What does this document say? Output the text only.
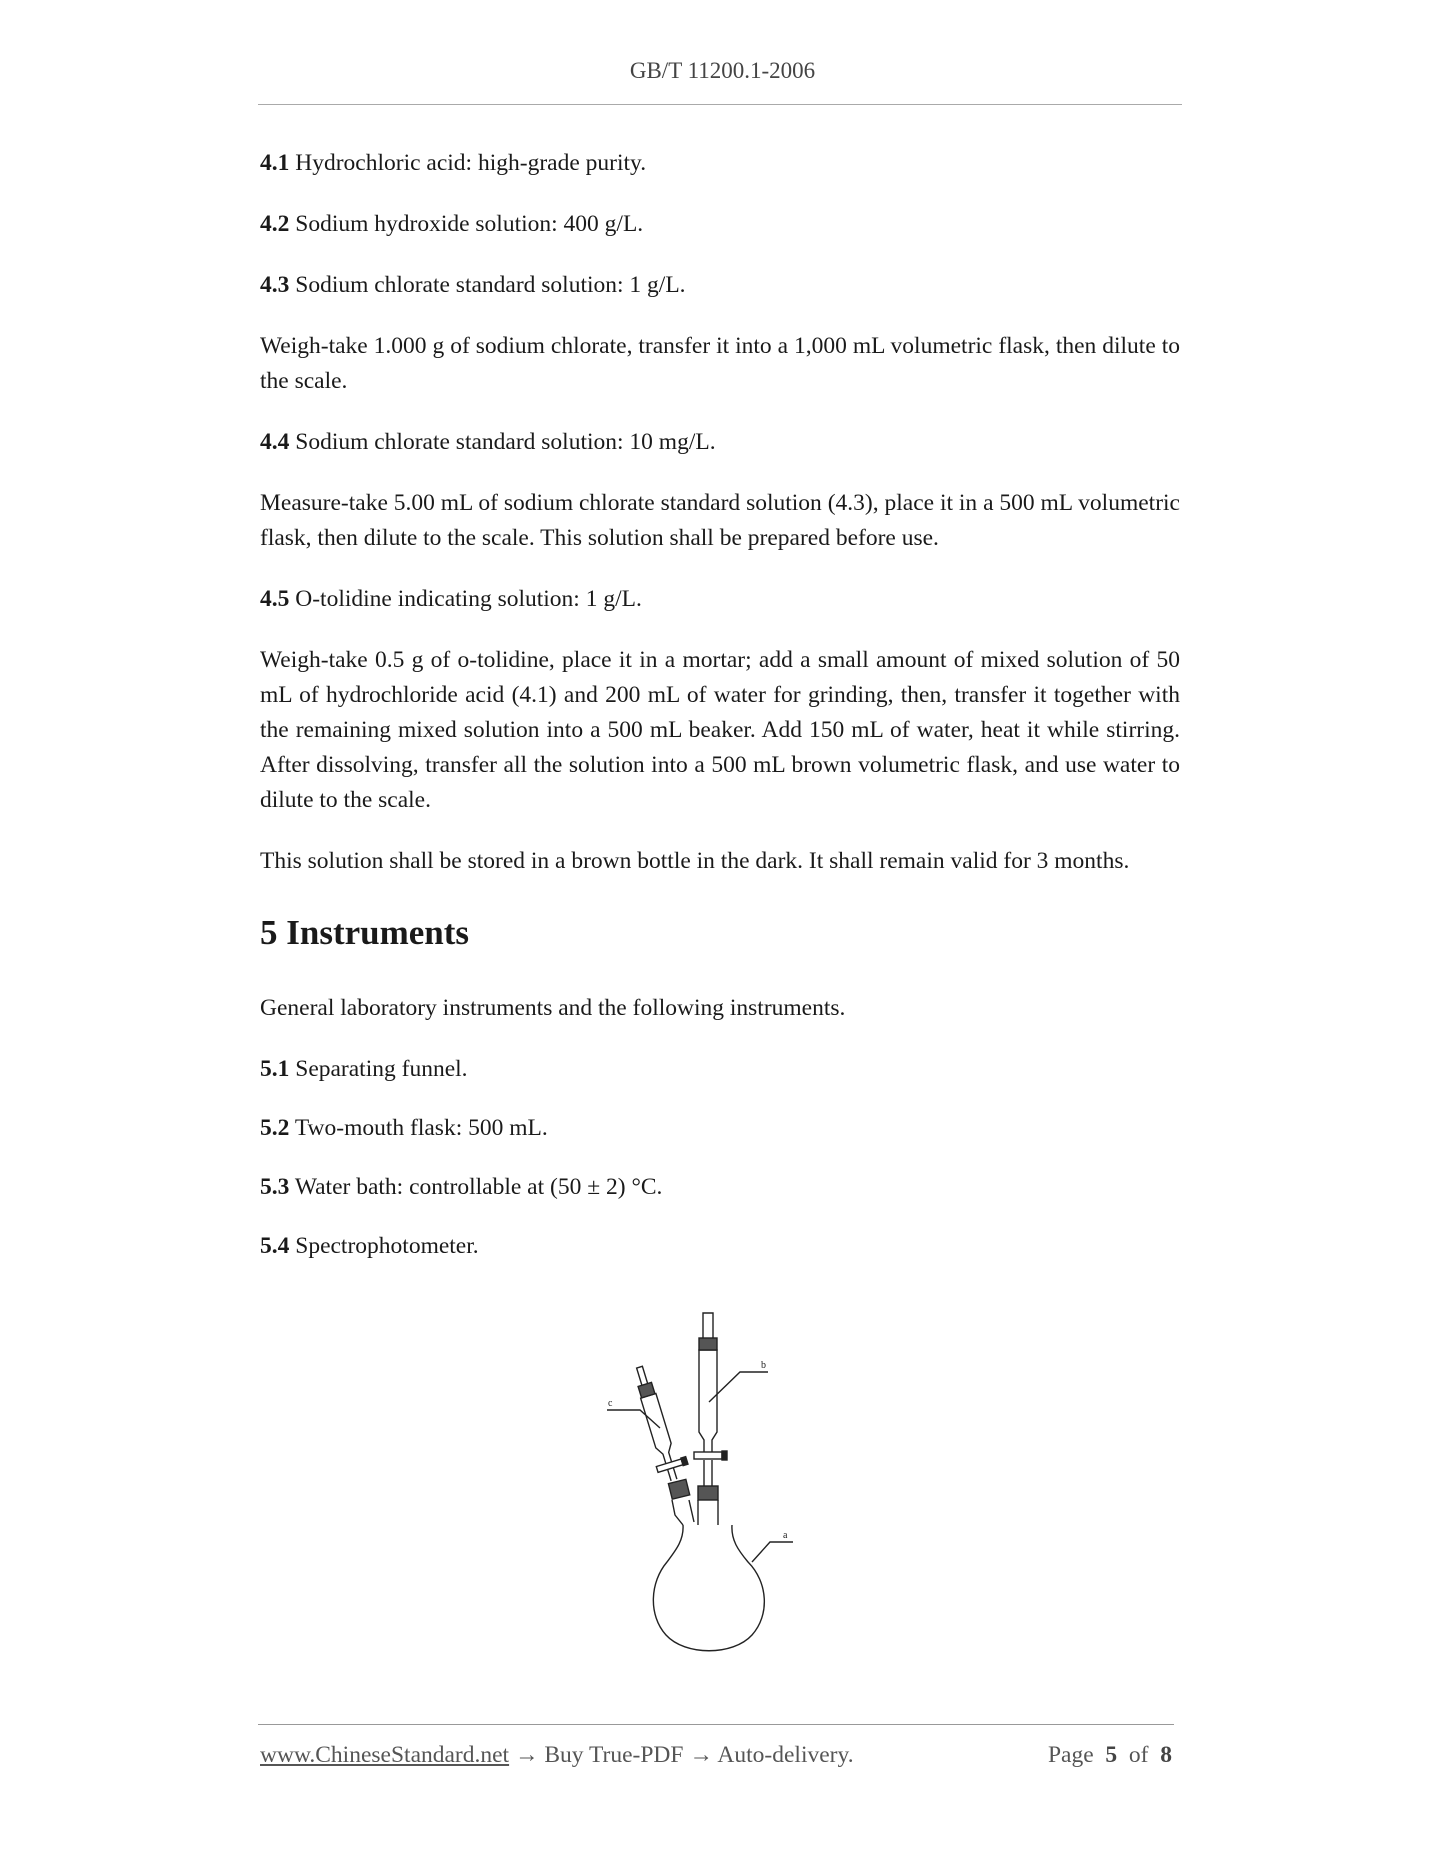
GB/T 11200.1-2006

4.1 Hydrochloric acid: high-grade purity.

4.2 Sodium hydroxide solution: 400 g/L.

4.3 Sodium chlorate standard solution: 1 g/L.

Weigh-take 1.000 g of sodium chlorate, transfer it into a 1,000 mL volumetric flask, then dilute to the scale.

4.4 Sodium chlorate standard solution: 10 mg/L.

Measure-take 5.00 mL of sodium chlorate standard solution (4.3), place it in a 500 mL volumetric flask, then dilute to the scale. This solution shall be prepared before use.

4.5 O-tolidine indicating solution: 1 g/L.

Weigh-take 0.5 g of o-tolidine, place it in a mortar; add a small amount of mixed solution of 50 mL of hydrochloride acid (4.1) and 200 mL of water for grinding, then, transfer it together with the remaining mixed solution into a 500 mL beaker. Add 150 mL of water, heat it while stirring. After dissolving, transfer all the solution into a 500 mL brown volumetric flask, and use water to dilute to the scale.

This solution shall be stored in a brown bottle in the dark. It shall remain valid for 3 months.

5 Instruments

General laboratory instruments and the following instruments.

5.1 Separating funnel.

5.2 Two-mouth flask: 500 mL.

5.3 Water bath: controllable at (50 ± 2) °C.

5.4 Spectrophotometer.

b
a
c
www.ChineseStandard.net → Buy True-PDF → Auto-delivery.	Page 5 of 8
